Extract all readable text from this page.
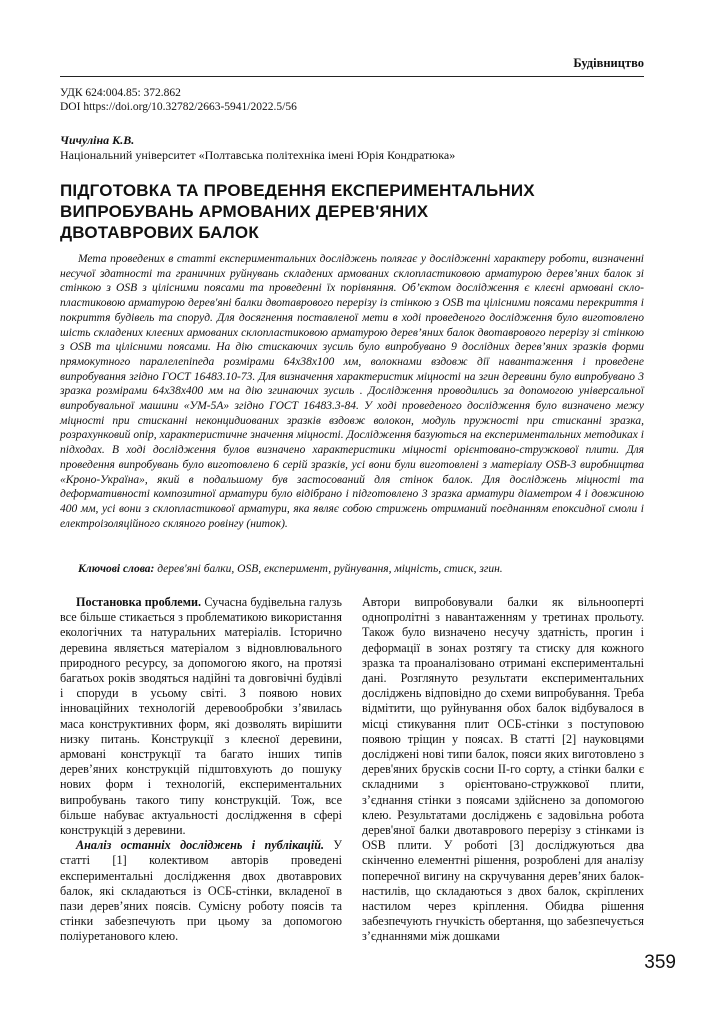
Будівництво
УДК 624:004.85: 372.862
DOI https://doi.org/10.32782/2663-5941/2022.5/56
Чичуліна К.В.
Національний університет «Полтавська політехніка імені Юрія Кондратюка»
ПІДГОТОВКА ТА ПРОВЕДЕННЯ ЕКСПЕРИМЕНТАЛЬНИХ
ВИПРОБУВАНЬ АРМОВАНИХ ДЕРЕВ'ЯНИХ
ДВОТАВРОВИХ БАЛОК

Мета проведених в статті експериментальних досліджень полягає у дослідженні характеру роботи, визначенні несучої здатності та граничних руйнувань складених армованих склопластиковою арматурою дерев’яних балок зі стінкою з OSB з цілісними поясами та проведенні їх порівняння. Об’єктом дослідження є клеєні армовані скло-пластиковою арматурою дерев'яні балки двотаврового перерізу із стінкою з OSB та цілісними поясами перекриття і покриття будівель та споруд. Для досягнення поставленої мети в ході проведеного дослідження було виготовлено шість складених клеєних армованих склопластиковою арматурою дерев’яних балок двотаврового перерізу зі стінкою з OSB та цілісними поясами. На дію стискаючих зусиль було випробувано 9 дослідних дерев’яних зразків форми прямокутного паралелепіпеда розмірами 64х38х100 мм, волокнами вздовж дії навантаження і проведене випробування згідно ГОСТ 16483.10-73. Для визначення характеристик міцності на згин деревини було випробувано 3 зразка розмірами 64х38х400 мм на дію згинаючих зусиль . Дослідження проводились за допомогою універсальної випробувальної машини «УМ-5А» згідно ГОСТ 16483.3-84. У ході проведеного дослідження було визначено межу міцності при стисканні неконцидиованих зразків вздовж волокон, модуль пружності при стисканні зразка, розрахунковий опір, характеристичне значення міцності. Дослідження базуються на експериментальних методиках і підходах. В ході дослідження булов визначено характеристики міцності орієнтовано-стружкової плити. Для проведення випробувань було виготовлено 6 серій зразків, усі вони були виготовлені з матеріалу OSB-3 виробництва «Кроно-Україна», який в подальшому був застосований для стінок балок. Для досліджень міцності та деформативності композитної арматури було відібрано і підготовлено 3 зразка арматури діаметром 4 і довжиною 400 мм, усі вони з склопластикової арматури, яка являє собою стрижень отриманий поєднанням епоксидної смоли і електроізоляційного скляного ровінгу (ниток).

Ключові слова: дерев'яні балки, OSB, експеримент, руйнування, міцність, стиск, згин.

Постановка проблеми. Сучасна будівельна галузь все більше стикається з проблематикою використання екологічних та натуральних матеріалів. Історично деревина являється матеріалом з відновлювального природного ресурсу, за допомогою якого, на протязі багатьох років зводяться надійні та довговічні будівлі і споруди в усьому світі. З появою нових інноваційних технологій деревообробки з’явилась маса конструктивних форм, які дозволять вирішити низку питань. Конструкції з клеєної деревини, армовані конструкції та багато інших типів дерев’яних конструкцій підштовхують до пошуку нових форм і технологій, експериментальних випробувань такого типу конструкцій. Тож, все більше набуває актуальності дослідження в сфері конструкцій з деревини.

Аналіз останніх досліджень і публікацій. У статті [1] колективом авторів проведені експериментальні дослідження двох двотаврових балок, які складаються із ОСБ-стінки, вкладеної в пази дерев’яних поясів. Сумісну роботу поясів та стінки забезпечують при цьому за допомогою поліуретанового клею.

Автори випробовували балки як вільноопертi однопролітні з навантаженням у третинах прольоту. Також було визначено несучу здатність, прогин і деформації в зонах розтягу та стиску для кожного зразка та проаналізовано отримані експериментальні дані. Розглянуто результати експериментальних досліджень відповідно до схеми випробування. Треба відмітити, що руйнування обох балок відбувалося в місці стикування плит ОСБ-стінки з поступовою появою тріщин у поясах. В статті [2] науковцями досліджені нові типи балок, пояси яких виготовлено з дерев'яних брусків сосни II-го сорту, а стінки балки є складними з орієнтовано-стружкової плити, з’єднання стінки з поясами здійснено за допомогою клею. Результатами досліджень є задовільна робота дерев'яної балки двотаврового перерізу з стінками із OSB плити. У роботі [3] досліджуються два скінченно елементні рішення, розроблені для аналізу поперечної вигину на скручування дерев’яних балок-настилів, що складаються з двох балок, скріплених настилом через кріплення. Обидва рішення забезпечують гнучкість обертання, що забезпечується з’єднаннями між дошками

359
